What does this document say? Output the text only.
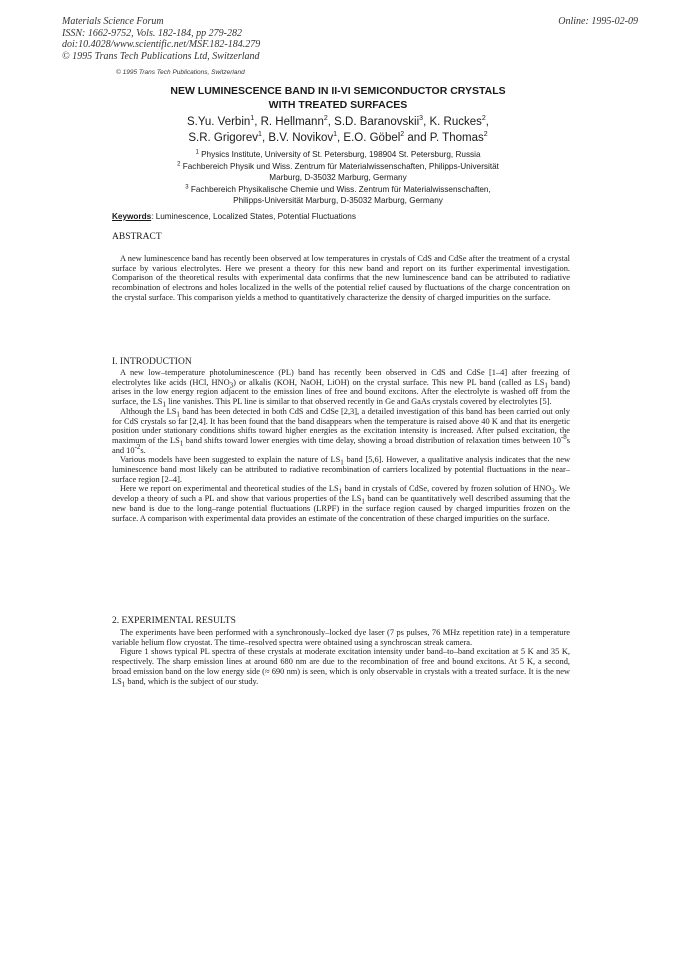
Materials Science Forum
ISSN: 1662-9752, Vols. 182-184, pp 279-282
doi:10.4028/www.scientific.net/MSF.182-184.279
© 1995 Trans Tech Publications Ltd, Switzerland
Online: 1995-02-09
© 1995 Trans Tech Publications, Switzerland
NEW LUMINESCENCE BAND IN II-VI SEMICONDUCTOR CRYSTALS
WITH TREATED SURFACES
S.Yu. Verbin$^1$, R. Hellmann$^2$, S.D. Baranovskii$^3$, K. Ruckes$^2$,
S.R. Grigorev$^1$, B.V. Novikov$^1$, E.O. Göbel$^2$ and P. Thomas$^2$
$^1$ Physics Institute, University of St. Petersburg, 198904 St. Petersburg, Russia
$^2$ Fachbereich Physik und Wiss. Zentrum für Materialwissenschaften, Philipps-Universität
Marburg, D-35032 Marburg, Germany
$^3$ Fachbereich Physikalische Chemie und Wiss. Zentrum für Materialwissenschaften,
Philipps-Universität Marburg, D-35032 Marburg, Germany
Keywords: Luminescence, Localized States, Potential Fluctuations
ABSTRACT

A new luminescence band has recently been observed at low temperatures in crystals of CdS and CdSe after the treatment of a crystal surface by various electrolytes. Here we present a theory for this new band and report on its further experimental investigation. Comparison of the theoretical results with experimental data confirms that the new luminescence band can be attributed to radiative recombination of electrons and holes localized in the wells of the potential relief caused by fluctuations of the charge concentration on the crystal surface. This comparison yields a method to quantitatively characterize the density of charged impurities on the surface.

I. INTRODUCTION

A new low–temperature photoluminescence (PL) band has recently been observed in CdS and CdSe [1–4] after freezing of electrolytes like acids (HCl, $HNO_3$) or alkalis (KOH, NaOH, LiOH) on the crystal surface. This new PL band (called as $LS_1$ band) arises in the low energy region adjacent to the emission lines of free and bound excitons. After the electrolyte is washed off from the surface, the $LS_1$ line vanishes. This PL line is similar to that observed recently in Ge and GaAs crystals covered by electrolytes [5].

Although the $LS_1$ band has been detected in both CdS and CdSe [2,3], a detailed investigation of this band has been carried out only for CdS crystals so far [2,4]. It has been found that the band disappears when the temperature is raised above 40 K and that its energetic position under stationary conditions shifts toward higher energies as the excitation intensity is increased. After pulsed excitation, the maximum of the $LS_1$ band shifts toward lower energies with time delay, showing a broad distribution of relaxation times between $10^{-8}s$ and $10^{-2}s$.

Various models have been suggested to explain the nature of $LS_1$ band [5,6]. However, a qualitative analysis indicates that the new luminescence band most likely can be attributed to radiative recombination of carriers localized by potential fluctuations in the near–surface region [2–4].

Here we report on experimental and theoretical studies of the $LS_1$ band in crystals of CdSe, covered by frozen solution of $HNO_3$. We develop a theory of such a PL and show that various properties of the $LS_1$ band can be quantitatively well described assuming that the new band is due to the long–range potential fluctuations (LRPF) in the surface region caused by charged impurities frozen on the surface. A comparison with experimental data provides an estimate of the concentration of these charged impurities on the surface.

2. EXPERIMENTAL RESULTS

The experiments have been performed with a synchronously–locked dye laser (7 ps pulses, 76 MHz repetition rate) in a temperature variable helium flow cryostat. The time–resolved spectra were obtained using a synchroscan streak camera.

Figure 1 shows typical PL spectra of these crystals at moderate excitation intensity under band–to–band excitation at 5 K and 35 K, respectively. The sharp emission lines at around 680 nm are due to the recombination of free and bound excitons. At 5 K, a second, broad emission band on the low energy side (≈ 690 nm) is seen, which is only observable in crystals with a treated surface. It is the new $LS_1$ band, which is the subject of our study.
